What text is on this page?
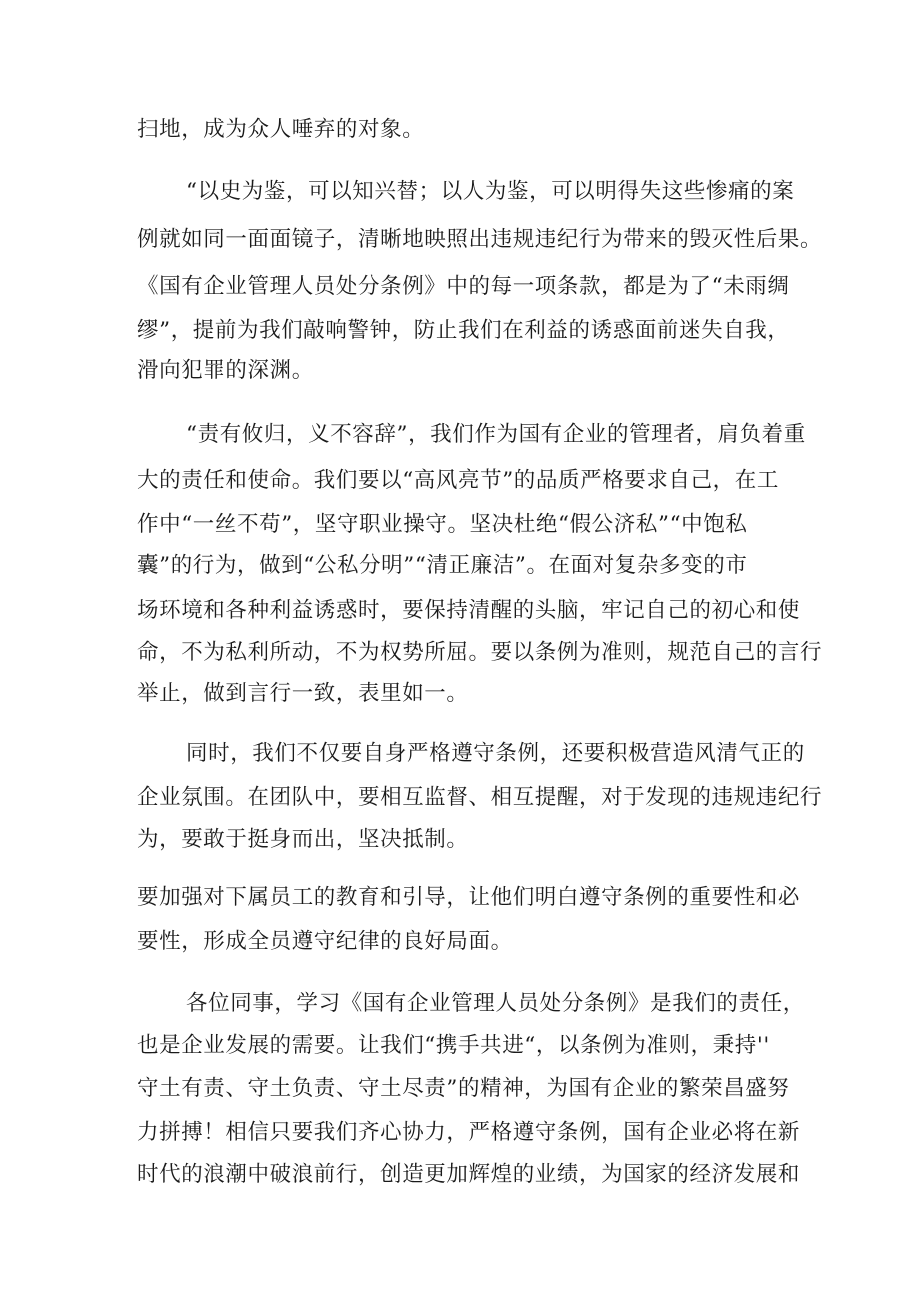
扫地，成为众人唾弃的对象。
“以史为鉴，可以知兴替；以人为鉴，可以明得失这些惨痛的案
例就如同一面面镜子，清晰地映照出违规违纪行为带来的毁灭性后果。
《国有企业管理人员处分条例》中的每一项条款，都是为了“未雨绸
缪”，提前为我们敲响警钟，防止我们在利益的诱惑面前迷失自我，
滑向犯罪的深渊。
“责有攸归，义不容辞”，我们作为国有企业的管理者，肩负着重
大的责任和使命。我们要以“高风亮节”的品质严格要求自己，在工
作中“一丝不苟”，坚守职业操守。坚决杜绝“假公济私”“中饱私
囊”的行为，做到“公私分明”“清正廉洁”。在面对复杂多变的市
场环境和各种利益诱惑时，要保持清醒的头脑，牢记自己的初心和使
命，不为私利所动，不为权势所屈。要以条例为准则，规范自己的言行
举止，做到言行一致，表里如一。
同时，我们不仅要自身严格遵守条例，还要积极营造风清气正的
企业氛围。在团队中，要相互监督、相互提醒，对于发现的违规违纪行
为，要敢于挺身而出，坚决抵制。
要加强对下属员工的教育和引导，让他们明白遵守条例的重要性和必
要性，形成全员遵守纪律的良好局面。
各位同事，学习《国有企业管理人员处分条例》是我们的责任，
也是企业发展的需要。让我们“携手共进“，以条例为准则，秉持''
守土有责、守土负责、守土尽责”的精神，为国有企业的繁荣昌盛努
力拼搏！相信只要我们齐心协力，严格遵守条例，国有企业必将在新
时代的浪潮中破浪前行，创造更加辉煌的业绩，为国家的经济发展和
